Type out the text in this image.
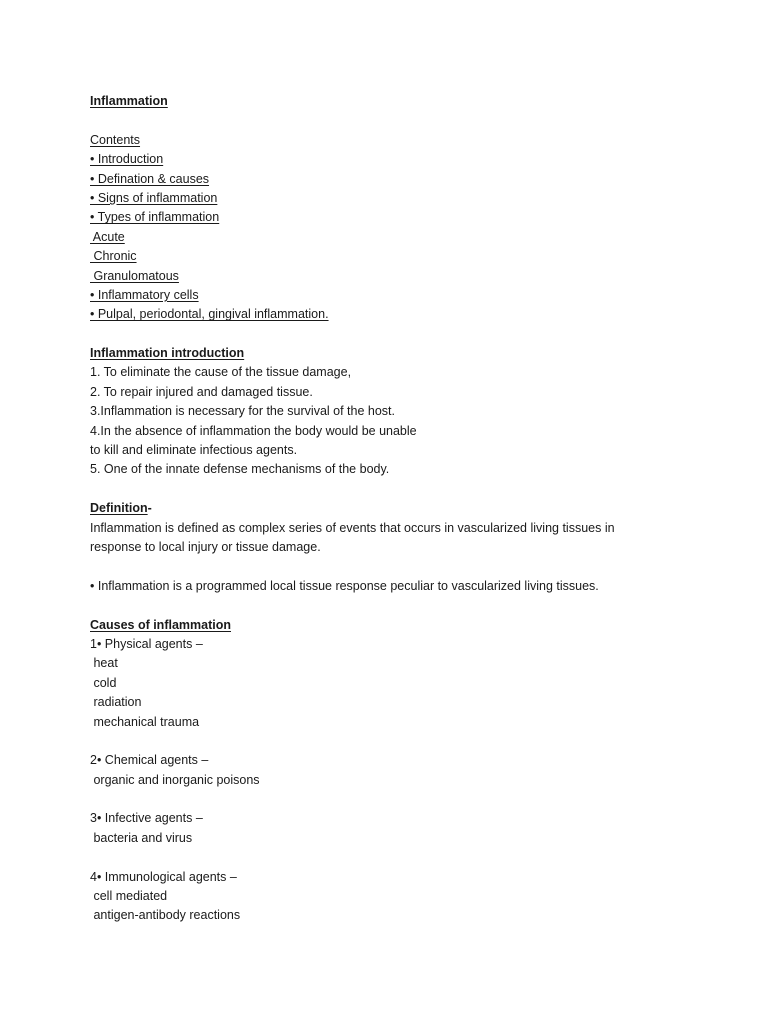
Inflammation
Contents
• Introduction
• Defination & causes
• Signs of inflammation
• Types of inflammation
Acute
Chronic
Granulomatous
• Inflammatory cells
• Pulpal, periodontal, gingival inflammation.
Inflammation introduction
1. To eliminate the cause of the tissue damage,
2. To repair injured and damaged tissue.
3.Inflammation is necessary for the survival of the host.
4.In the absence of inflammation the body would be unable
to kill and eliminate infectious agents.
5. One of the innate defense mechanisms of the body.
Definition-
Inflammation is defined as complex series of events that occurs in vascularized living tissues in
response to local injury or tissue damage.
• Inflammation is a programmed local tissue response peculiar to vascularized living tissues.
Causes of inflammation
1• Physical agents –
heat
cold
radiation
mechanical trauma
2• Chemical agents –
organic and inorganic poisons
3• Infective agents –
bacteria and virus
4• Immunological agents –
cell mediated
antigen-antibody reactions
